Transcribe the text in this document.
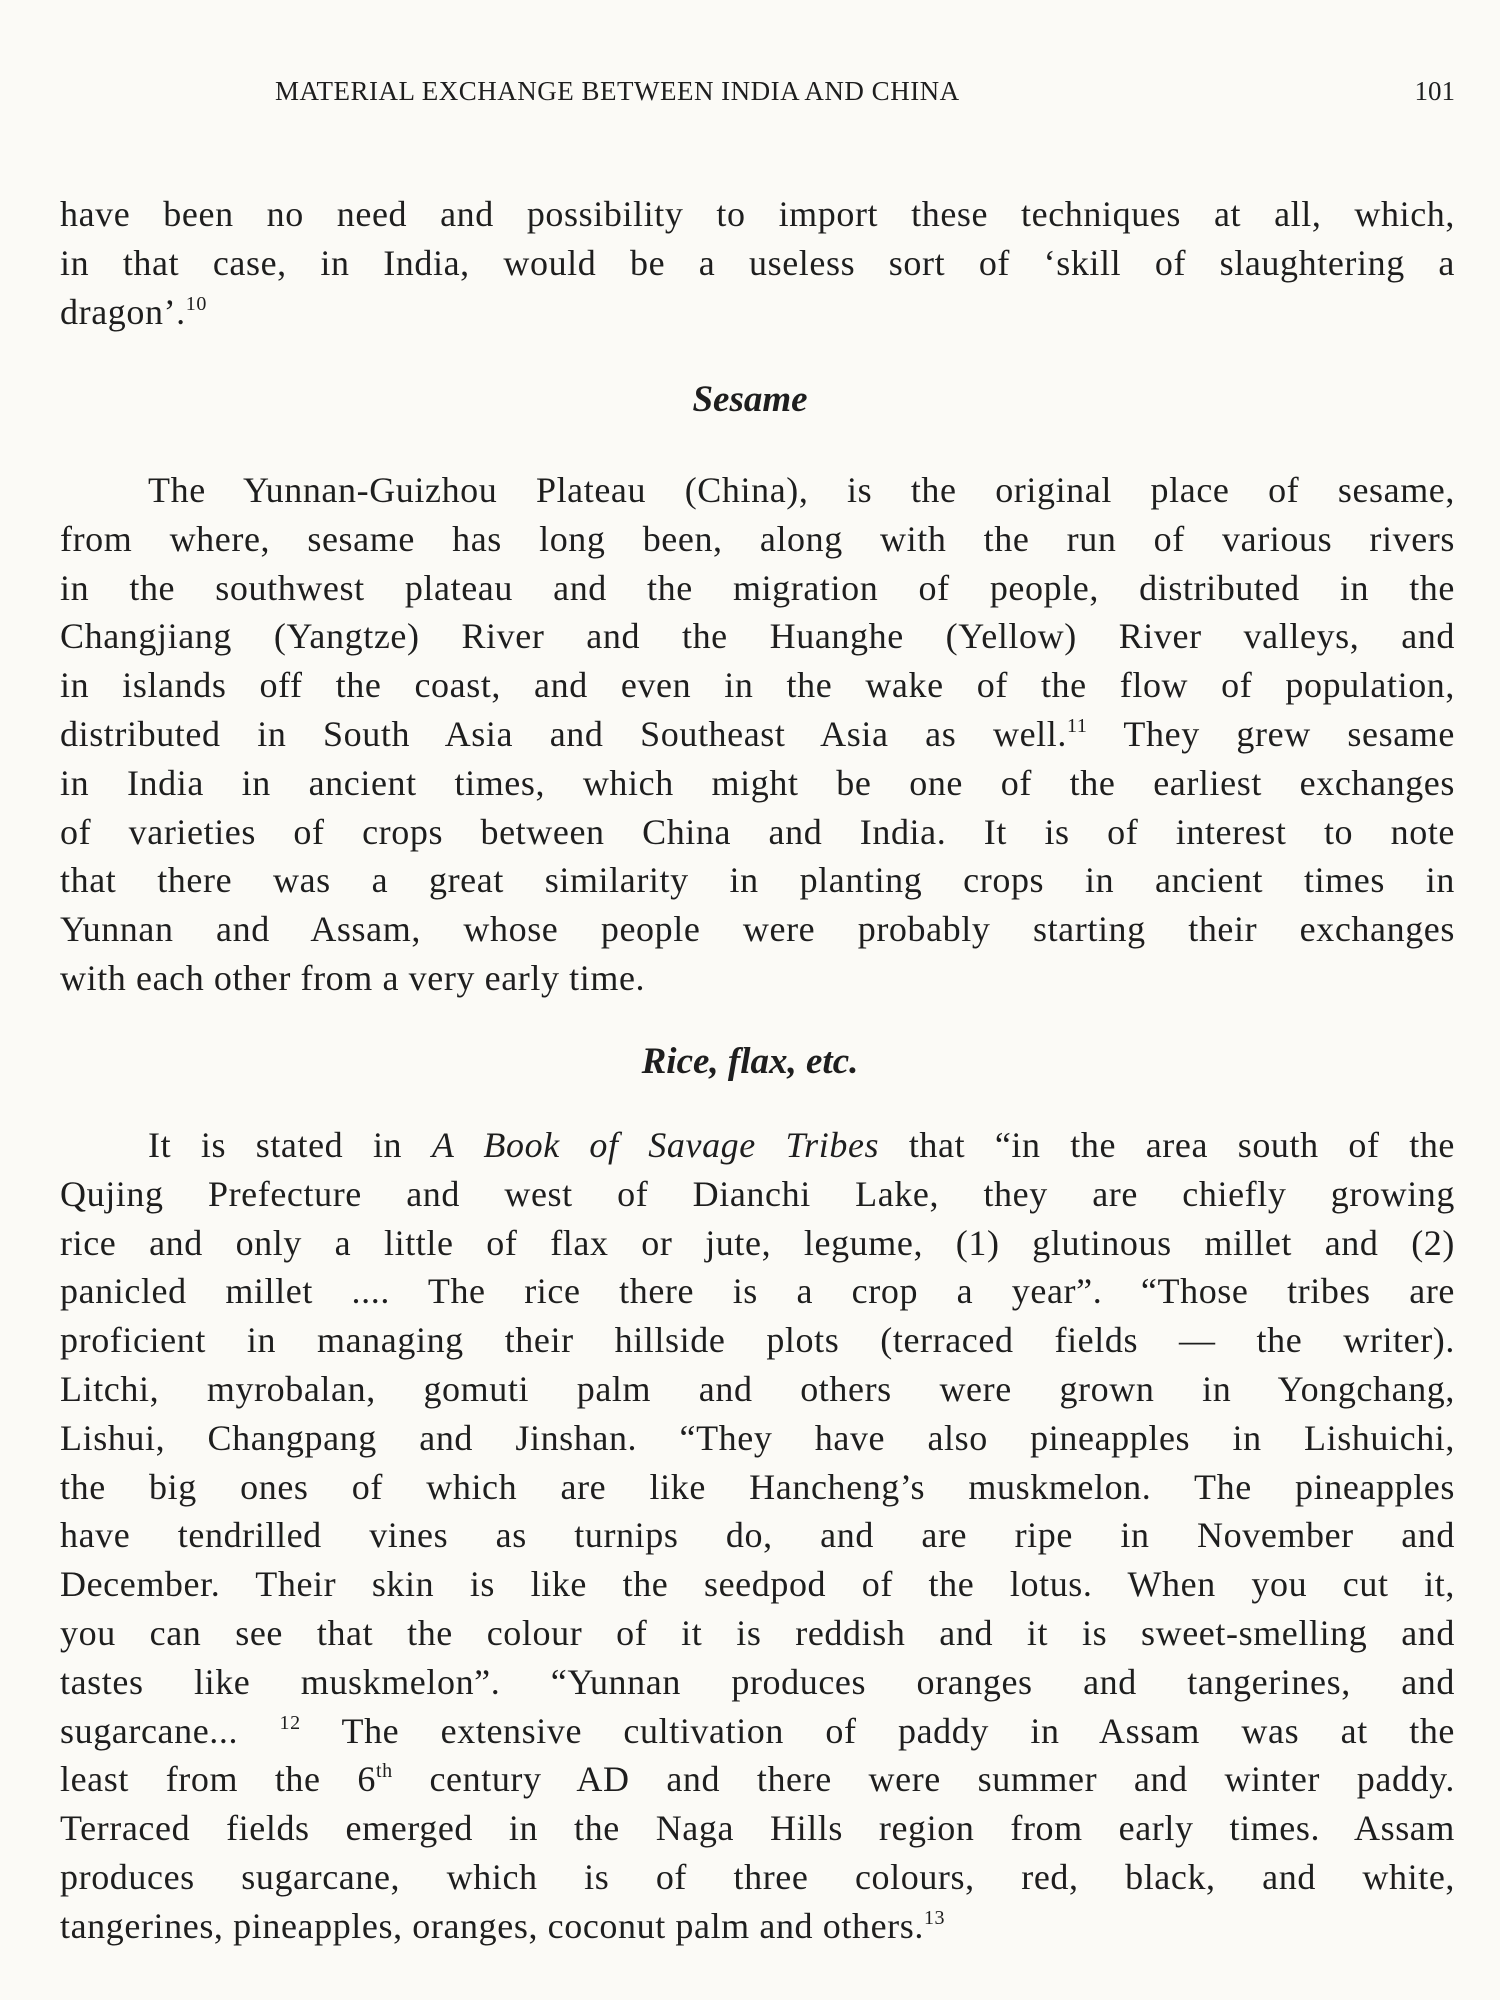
MATERIAL EXCHANGE BETWEEN INDIA AND CHINA	101
have been no need and possibility to import these techniques at all, which,
in that case, in India, would be a useless sort of ‘skill of slaughtering a
dragon’.$^{10}$
Sesame
The Yunnan-Guizhou Plateau (China), is the original place of sesame,
from where, sesame has long been, along with the run of various rivers
in the southwest plateau and the migration of people, distributed in the
Changjiang (Yangtze) River and the Huanghe (Yellow) River valleys, and
in islands off the coast, and even in the wake of the flow of population,
distributed in South Asia and Southeast Asia as well.$^{11}$ They grew sesame
in India in ancient times, which might be one of the earliest exchanges
of varieties of crops between China and India. It is of interest to note
that there was a great similarity in planting crops in ancient times in
Yunnan and Assam, whose people were probably starting their exchanges
with each other from a very early time.
Rice, flax, etc.
It is stated in A Book of Savage Tribes that “in the area south of the
Qujing Prefecture and west of Dianchi Lake, they are chiefly growing
rice and only a little of flax or jute, legume, (1) glutinous millet and (2)
panicled millet .... The rice there is a crop a year”. “Those tribes are
proficient in managing their hillside plots (terraced fields — the writer).
Litchi, myrobalan, gomuti palm and others were grown in Yongchang,
Lishui, Changpang and Jinshan. “They have also pineapples in Lishuichi,
the big ones of which are like Hancheng’s muskmelon. The pineapples
have tendrilled vines as turnips do, and are ripe in November and
December. Their skin is like the seedpod of the lotus. When you cut it,
you can see that the colour of it is reddish and it is sweet-smelling and
tastes like muskmelon”. “Yunnan produces oranges and tangerines, and
sugarcane... $^{12}$ The extensive cultivation of paddy in Assam was at the
least from the 6th century AD and there were summer and winter paddy.
Terraced fields emerged in the Naga Hills region from early times. Assam
produces sugarcane, which is of three colours, red, black, and white,
tangerines, pineapples, oranges, coconut palm and others.$^{13}$
